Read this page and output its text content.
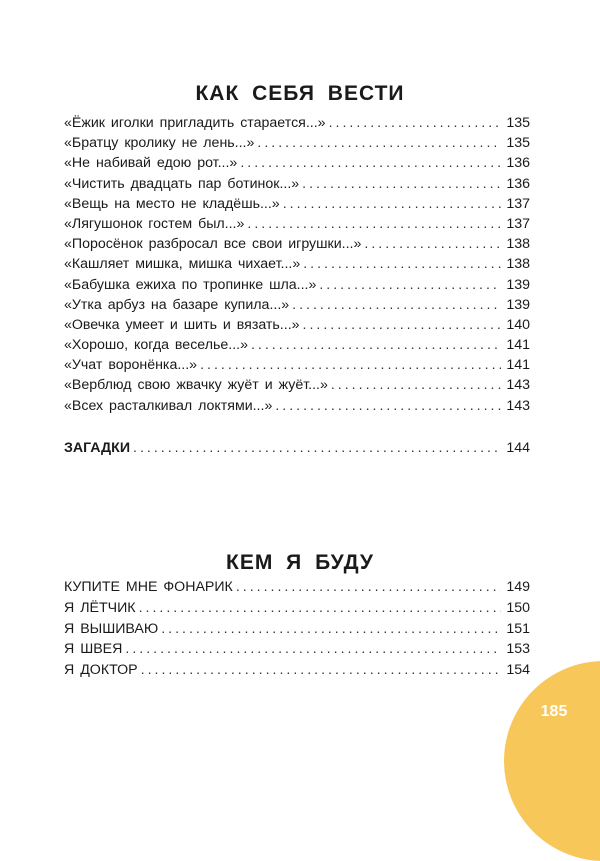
КАК СЕБЯ ВЕСТИ
«Ёжик иголки пригладить старается...» .....	135
«Братцу кролику не лень...» .....	135
«Не набивай едою рот...» .....	136
«Чистить двадцать пар ботинок...» .....	136
«Вещь на место не кладёшь...» .....	137
«Лягушонок гостем был...» .....	137
«Поросёнок разбросал все свои игрушки...» .....	138
«Кашляет мишка, мишка чихает...» .....	138
«Бабушка ежиха по тропинке шла...» .....	139
«Утка арбуз на базаре купила...» .....	139
«Овечка умеет и шить и вязать...» .....	140
«Хорошо, когда веселье...» .....	141
«Учат воронёнка...» .....	141
«Верблюд свою жвачку жуёт и жуёт...» .....	143
«Всех расталкивал локтями...» .....	143
ЗАГАДКИ .....	144
КЕМ Я БУДУ
КУПИТЕ МНЕ ФОНАРИК .....	149
Я ЛЁТЧИК .....	150
Я ВЫШИВАЮ .....	151
Я ШВЕЯ .....	153
Я ДОКТОР .....	154
185
